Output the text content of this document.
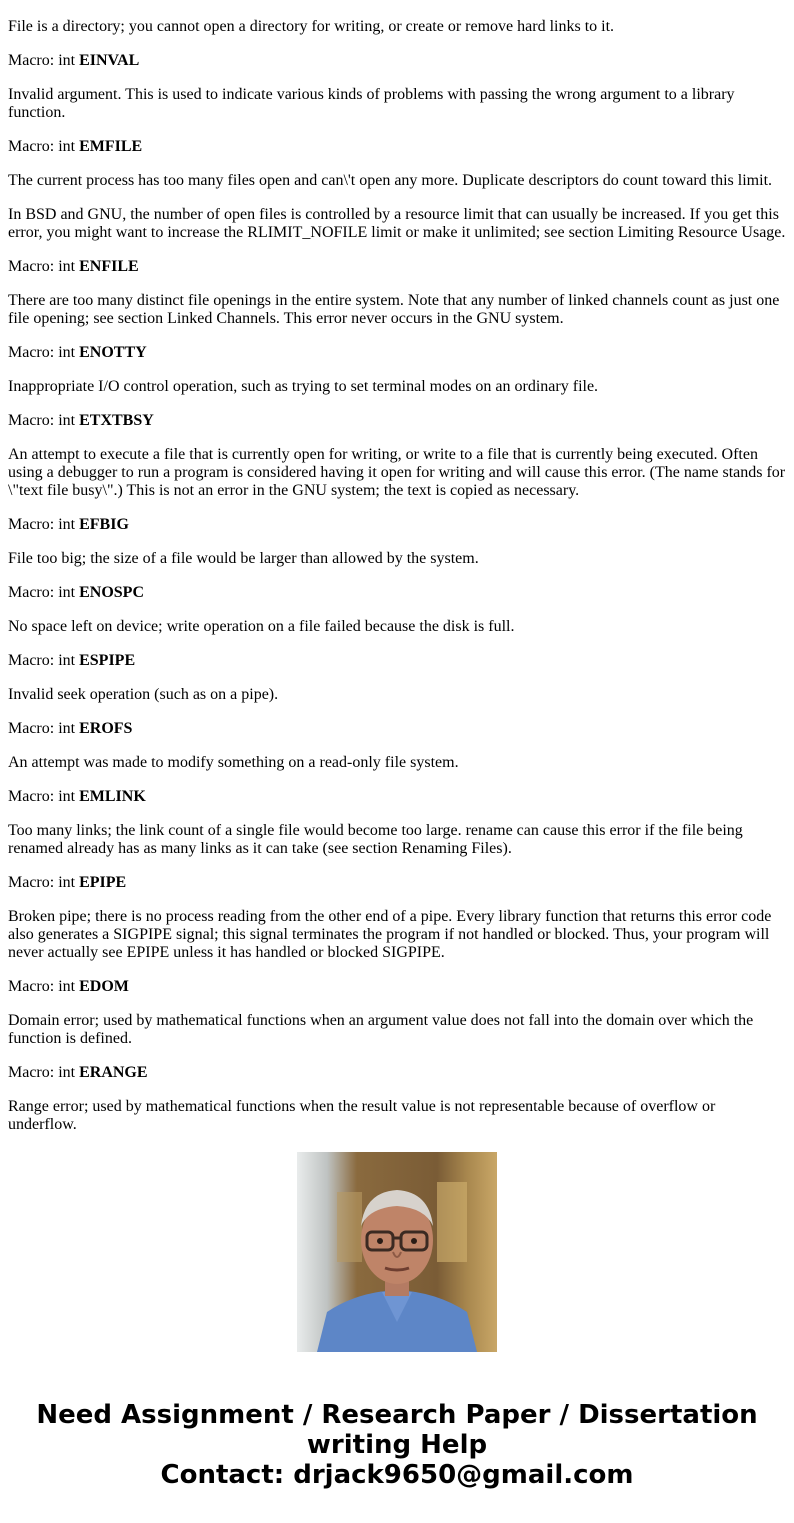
File is a directory; you cannot open a directory for writing, or create or remove hard links to it.

Macro: int EINVAL

Invalid argument. This is used to indicate various kinds of problems with passing the wrong argument to a library function.

Macro: int EMFILE

The current process has too many files open and can\'t open any more. Duplicate descriptors do count toward this limit.

In BSD and GNU, the number of open files is controlled by a resource limit that can usually be increased. If you get this error, you might want to increase the RLIMIT_NOFILE limit or make it unlimited; see section Limiting Resource Usage.

Macro: int ENFILE

There are too many distinct file openings in the entire system. Note that any number of linked channels count as just one file opening; see section Linked Channels. This error never occurs in the GNU system.

Macro: int ENOTTY

Inappropriate I/O control operation, such as trying to set terminal modes on an ordinary file.

Macro: int ETXTBSY

An attempt to execute a file that is currently open for writing, or write to a file that is currently being executed. Often using a debugger to run a program is considered having it open for writing and will cause this error. (The name stands for \"text file busy\".) This is not an error in the GNU system; the text is copied as necessary.

Macro: int EFBIG

File too big; the size of a file would be larger than allowed by the system.

Macro: int ENOSPC

No space left on device; write operation on a file failed because the disk is full.

Macro: int ESPIPE

Invalid seek operation (such as on a pipe).

Macro: int EROFS

An attempt was made to modify something on a read-only file system.

Macro: int EMLINK

Too many links; the link count of a single file would become too large. rename can cause this error if the file being renamed already has as many links as it can take (see section Renaming Files).

Macro: int EPIPE

Broken pipe; there is no process reading from the other end of a pipe. Every library function that returns this error code also generates a SIGPIPE signal; this signal terminates the program if not handled or blocked. Thus, your program will never actually see EPIPE unless it has handled or blocked SIGPIPE.

Macro: int EDOM

Domain error; used by mathematical functions when an argument value does not fall into the domain over which the function is defined.

Macro: int ERANGE

Range error; used by mathematical functions when the result value is not representable because of overflow or underflow.

Need Assignment / Research Paper / Dissertation
writing Help
Contact: drjack9650@gmail.com
